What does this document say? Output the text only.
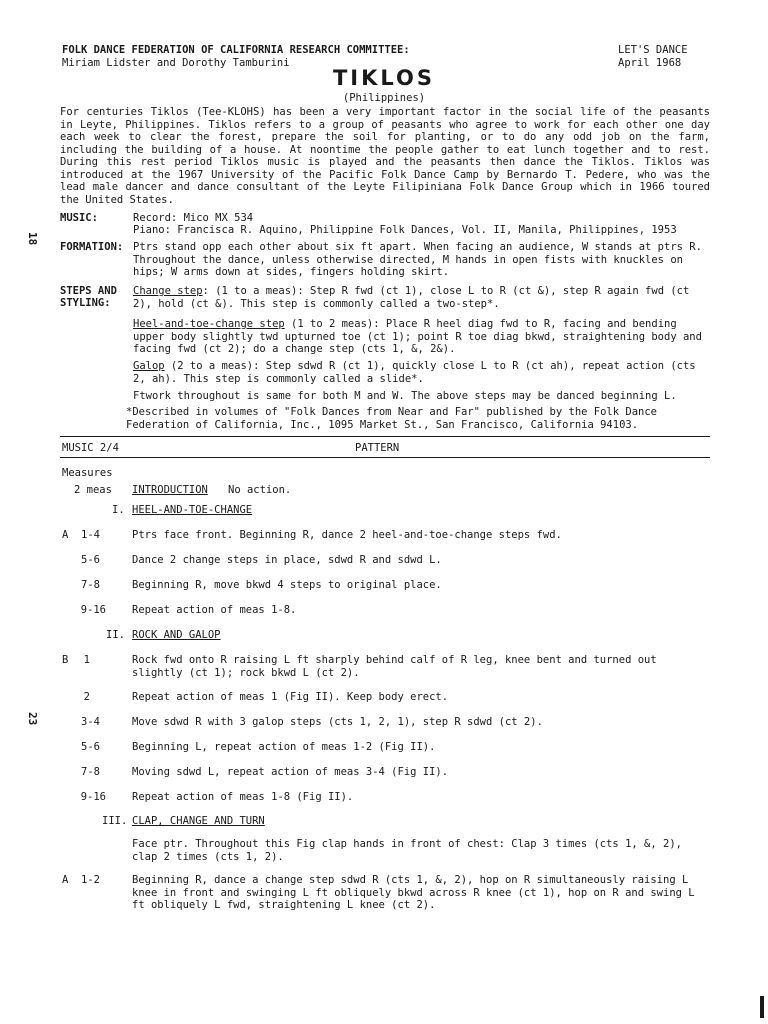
FOLK DANCE FEDERATION OF CALIFORNIA RESEARCH COMMITTEE:
Miriam Lidster and Dorothy Tamburini
LET'S DANCE
April 1968
TIKLOS
(Philippines)
For centuries Tiklos (Tee-KLOHS) has been a very important factor in the social life of the peasants in Leyte, Philippines. Tiklos refers to a group of peasants who agree to work for each other one day each week to clear the forest, prepare the soil for planting, or to do any odd job on the farm, including the building of a house. At noontime the people gather to eat lunch together and to rest. During this rest period Tiklos music is played and the peasants then dance the Tiklos. Tiklos was introduced at the 1967 University of the Pacific Folk Dance Camp by Bernardo T. Pedere, who was the lead male dancer and dance consultant of the Leyte Filipiniana Folk Dance Group which in 1966 toured the United States.
18
23
MUSIC:	Record: Mico MX 534
Piano: Francisca R. Aquino, Philippine Folk Dances, Vol. II, Manila, Philippines, 1953
FORMATION: Ptrs stand opp each other about six ft apart. When facing an audience, W stands at ptrs R. Throughout the dance, unless otherwise directed, M hands in open fists with knuckles on hips; W arms down at sides, fingers holding skirt.
STEPS AND
STYLING:
Change step: (1 to a meas): Step R fwd (ct 1), close L to R (ct &), step R again fwd (ct 2), hold (ct &). This step is commonly called a two-step*.
Heel-and-toe-change step (1 to 2 meas): Place R heel diag fwd to R, facing and bending upper body slightly twd upturned toe (ct 1); point R toe diag bkwd, straightening body and facing fwd (ct 2); do a change step (cts 1, &, 2&).
Galop (2 to a meas): Step sdwd R (ct 1), quickly close L to R (ct ah), repeat action (cts 2, ah). This step is commonly called a slide*.
Ftwork throughout is same for both M and W. The above steps may be danced beginning L.
*Described in volumes of "Folk Dances from Near and Far" published by the Folk Dance Federation of California, Inc., 1095 Market St., San Francisco, California 94103.
MUSIC 2/4	PATTERN
Measures
2 meas INTRODUCTION No action.
I. HEEL-AND-TOE-CHANGE
A	1-4	Ptrs face front. Beginning R, dance 2 heel-and-toe-change steps fwd.
5-6	Dance 2 change steps in place, sdwd R and sdwd L.
7-8	Beginning R, move bkwd 4 steps to original place.
9-16 Repeat action of meas 1-8.
II. ROCK AND GALOP
B	1	Rock fwd onto R raising L ft sharply behind calf of R leg, knee bent and turned out slightly (ct 1); rock bkwd L (ct 2).
2	Repeat action of meas 1 (Fig II). Keep body erect.
3-4	Move sdwd R with 3 galop steps (cts 1, 2, 1), step R sdwd (ct 2).
5-6	Beginning L, repeat action of meas 1-2 (Fig II).
7-8	Moving sdwd L, repeat action of meas 3-4 (Fig II).
9-16 Repeat action of meas 1-8 (Fig II).
III. CLAP, CHANGE AND TURN
Face ptr. Throughout this Fig clap hands in front of chest: Clap 3 times (cts 1, &, 2), clap 2 times (cts 1, 2).
A	1-2	Beginning R, dance a change step sdwd R (cts 1, &, 2), hop on R simultaneously raising L knee in front and swinging L ft obliquely bkwd across R knee (ct 1), hop on R and swing L ft obliquely L fwd, straightening L knee (ct 2).
